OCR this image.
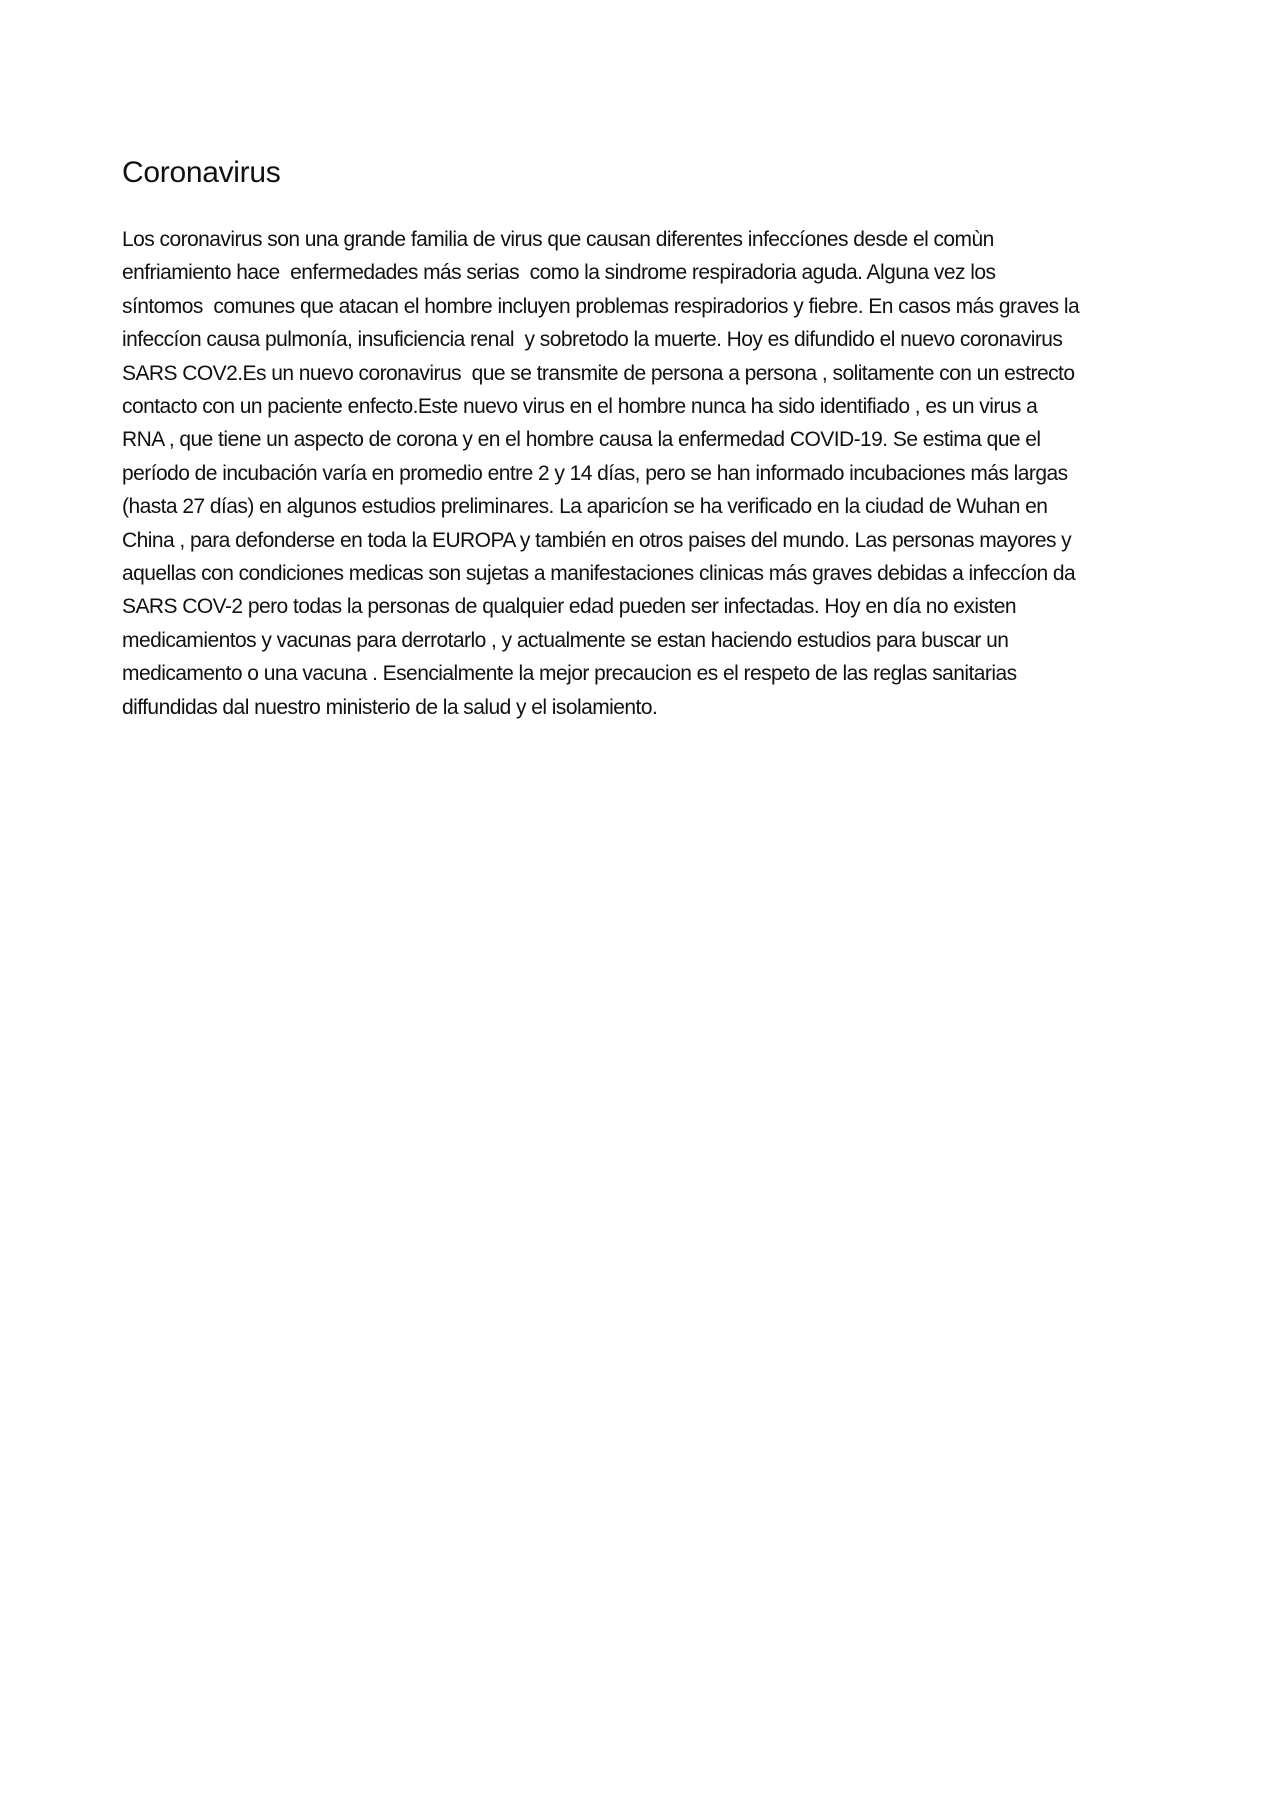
Coronavirus
Los coronavirus son una grande familia de virus que causan diferentes infeccíones desde el comùn
enfriamiento hace  enfermedades más serias  como la sindrome respiradoria aguda. Alguna vez los
síntomos  comunes que atacan el hombre incluyen problemas respiradorios y fiebre. En casos más graves la
infeccíon causa pulmonía, insuficiencia renal  y sobretodo la muerte. Hoy es difundido el nuevo coronavirus
SARS COV2.Es un nuevo coronavirus  que se transmite de persona a persona , solitamente con un estrecto
contacto con un paciente enfecto.Este nuevo virus en el hombre nunca ha sido identifiado , es un virus a
RNA , que tiene un aspecto de corona y en el hombre causa la enfermedad COVID-19. Se estima que el
período de incubación varía en promedio entre 2 y 14 días, pero se han informado incubaciones más largas
(hasta 27 días) en algunos estudios preliminares. La aparicíon se ha verificado en la ciudad de Wuhan en
China , para defonderse en toda la EUROPA y también en otros paises del mundo. Las personas mayores y
aquellas con condiciones medicas son sujetas a manifestaciones clinicas más graves debidas a infeccíon da
SARS COV-2 pero todas la personas de qualquier edad pueden ser infectadas. Hoy en día no existen
medicamientos y vacunas para derrotarlo , y actualmente se estan haciendo estudios para buscar un
medicamento o una vacuna . Esencialmente la mejor precaucion es el respeto de las reglas sanitarias
diffundidas dal nuestro ministerio de la salud y el isolamiento.
